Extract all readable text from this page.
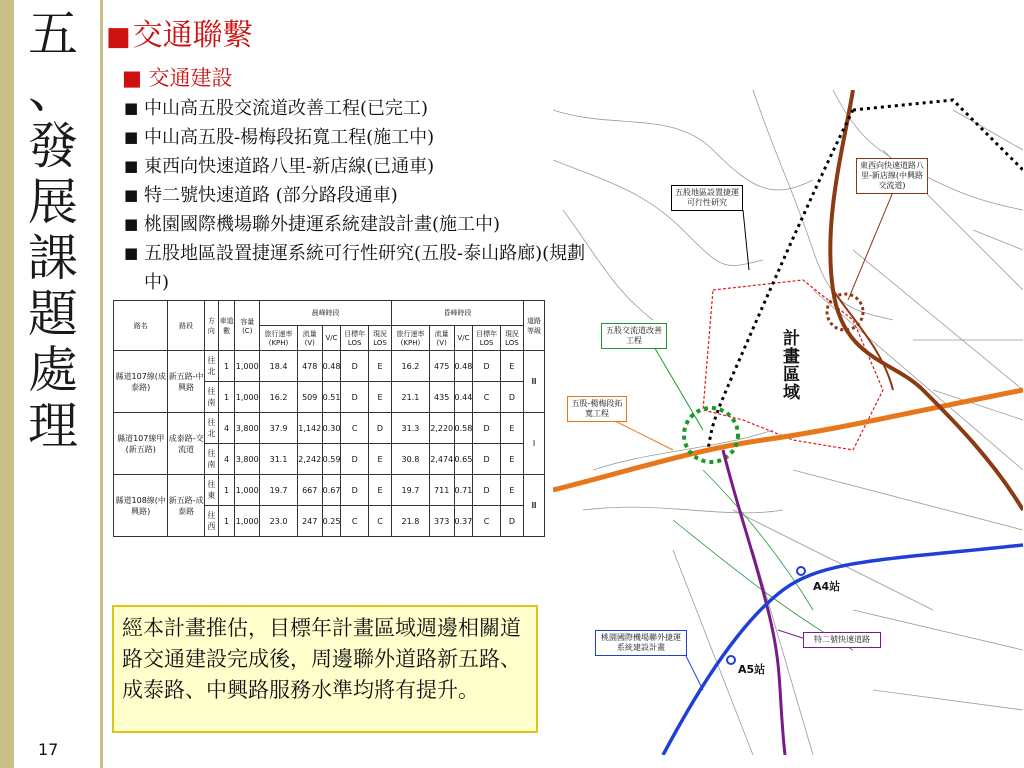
五
、
發
展
課
題
處
理
17
■交通聯繫
■ 交通建設
■ 中山高五股交流道改善工程(已完工)
■ 中山高五股-楊梅段拓寬工程(施工中)
■ 東西向快速道路八里-新店線(已通車)
■ 特二號快速道路 (部分路段通車)
■ 桃園國際機場聯外捷運系統建設計畫(施工中)
■ 五股地區設置捷運系統可行性研究(五股-泰山路廊)(規劃中)
路名	路段	方向	車道數	容量(C)	晨峰時段					昏峰時段					道路等級
					旅行速率(KPH)	流量(V)	V/C	目標年LOS	現況LOS	旅行速率(KPH)	流量(V)	V/C	目標年LOS	現況LOS	
縣道107線(成泰路)	新五路-中興路	往北	1	1,000	18.4	478	0.48	D	E	16.2	475	0.48	D	E	Ⅲ
		往南	1	1,000	16.2	509	0.51	D	E	21.1	435	0.44	C	D	
縣道107線甲(新五路)	成泰路-交流道	往北	4	3,800	37.9	1,142	0.30	C	D	31.3	2,220	0.58	D	E	Ⅰ
		往南	4	3,800	31.1	2,242	0.59	D	E	30.8	2,474	0.65	D	E	
縣道108線(中興路)	新五路-成泰路	往東	1	1,000	19.7	667	0.67	D	E	19.7	711	0.71	D	E	Ⅲ
		往西	1	1,000	23.0	247	0.25	C	C	21.8	373	0.37	C	D	
經本計畫推估，目標年計畫區域週邊相關道路交通建設完成後，周邊聯外道路新五路、成泰路、中興路服務水準均將有提升。
五股地區設置捷運可行性研究
東西向快速道路八里-新店線(中興路交流道)
五股交流道改善工程
五股-楊梅段拓寬工程
桃園國際機場聯外捷運系統建設計畫
特二號快速道路
計畫區域
A4站
A5站
